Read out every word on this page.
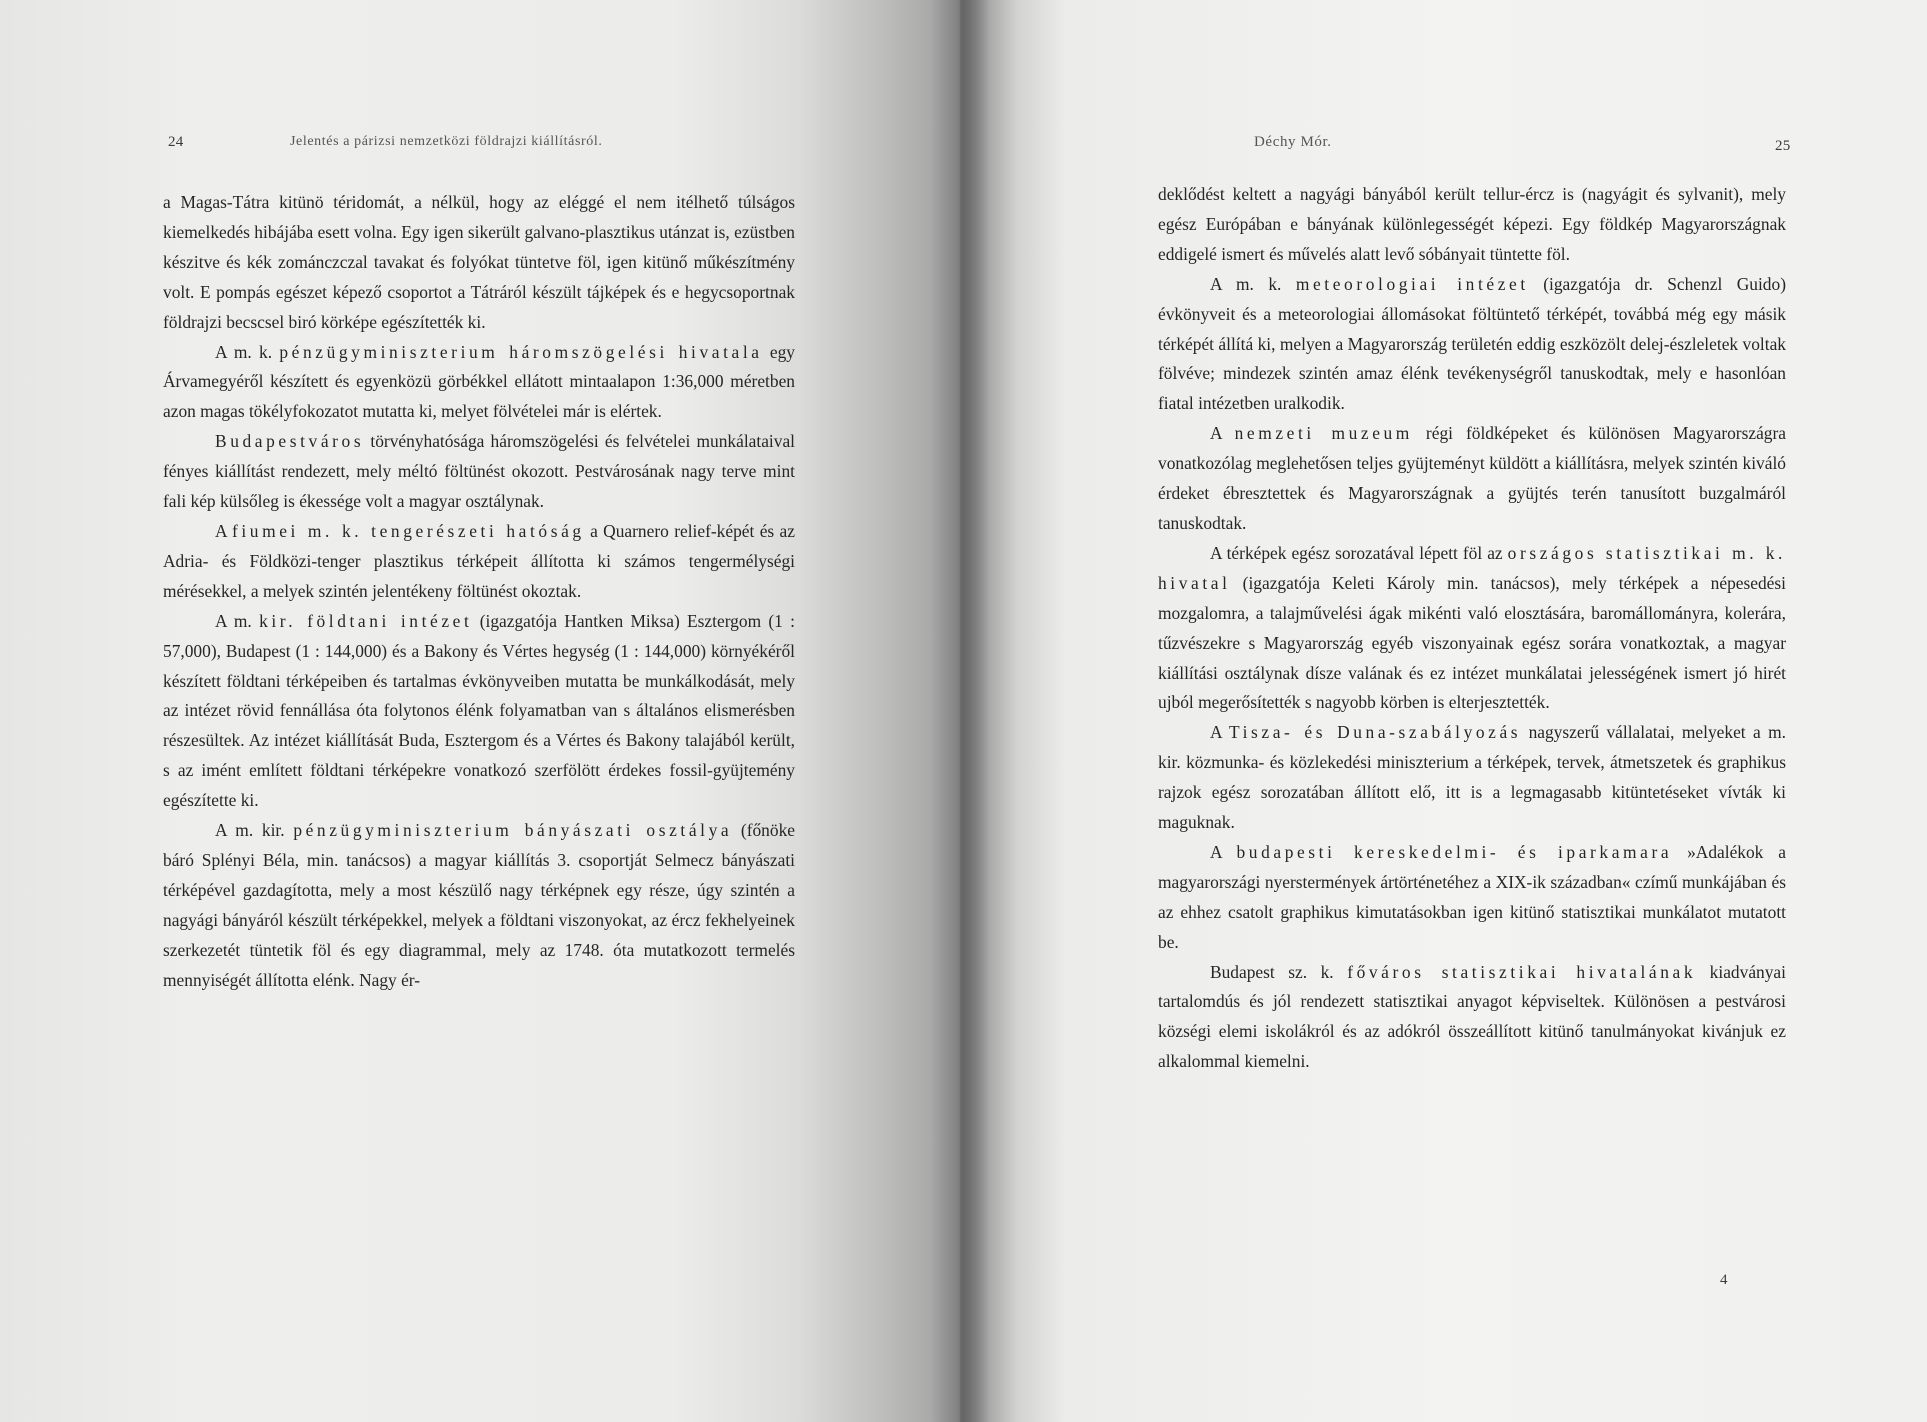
24	Jelentés a párizsi nemzetközi földrajzi kiállításról.

a Magas-Tátra kitünö téridomát, a nélkül, hogy az eléggé el nem itélhető túlságos kiemelkedés hibájába esett volna. Egy igen sikerült galvano-plasztikus utánzat is, ezüstben készitve és kék zománczczal tavakat és folyókat tüntetve föl, igen kitünő műkészítmény volt. E pompás egészet képező csoportot a Tátráról készült tájképek és e hegycsoportnak földrajzi becscsel biró körképe egészítették ki.

A m. k. pénzügyminiszterium háromszögelési hivatala egy Árvamegyéről készített és egyenközü görbékkel ellátott mintaalapon 1:36,000 méretben azon magas tökélyfokozatot mutatta ki, melyet fölvételei már is elértek.

Budapestváros törvényhatósága háromszögelési és felvételei munkálataival fényes kiállítást rendezett, mely méltó föltünést okozott. Pestvárosának nagy terve mint fali kép külsőleg is ékessége volt a magyar osztálynak.

A fiumei m. k. tengerészeti hatóság a Quarnero relief-képét és az Adria- és Földközi-tenger plasztikus térképeit állította ki számos tengermélységi mérésekkel, a melyek szintén jelentékeny föltünést okoztak.

A m. kir. földtani intézet (igazgatója Hantken Miksa) Esztergom (1 : 57,000), Budapest (1 : 144,000) és a Bakony és Vértes hegység (1 : 144,000) környékéről készített földtani térképeiben és tartalmas évkönyveiben mutatta be munkálkodását, mely az intézet rövid fennállása óta folytonos élénk folyamatban van s általános elismerésben részesültek. Az intézet kiállítását Buda, Esztergom és a Vértes és Bakony talajából került, s az imént említett földtani térképekre vonatkozó szerfölött érdekes fossil-gyüjtemény egészítette ki.

A m. kir. pénzügyminiszterium bányászati osztálya (főnöke báró Splényi Béla, min. tanácsos) a magyar kiállítás 3. csoportját Selmecz bányászati térképével gazdagította, mely a most készülő nagy térképnek egy része, úgy szintén a nagyági bányáról készült térképekkel, melyek a földtani viszonyokat, az ércz fekhelyeinek szerkezetét tüntetik föl és egy diagrammal, mely az 1748. óta mutatkozott termelés mennyiségét állította elénk. Nagy ér-

Déchy Mór.	25

deklődést keltett a nagyági bányából került tellur-ércz is (nagyágit és sylvanit), mely egész Európában e bányának különlegességét képezi. Egy földkép Magyarországnak eddigelé ismert és művelés alatt levő sóbányait tüntette föl.

A m. k. meteorologiai intézet (igazgatója dr. Schenzl Guido) évkönyveit és a meteorologiai állomásokat föltüntető térképét, továbbá még egy másik térképét állítá ki, melyen a Magyarország területén eddig eszközölt delej-észleletek voltak fölvéve; mindezek szintén amaz élénk tevékenységről tanuskodtak, mely e hasonlóan fiatal intézetben uralkodik.

A nemzeti muzeum régi földképeket és különösen Magyarországra vonatkozólag meglehetősen teljes gyüjteményt küldött a kiállításra, melyek szintén kiváló érdeket ébresztettek és Magyarországnak a gyüjtés terén tanusított buzgalmáról tanuskodtak.

A térképek egész sorozatával lépett föl az országos statisztikai m. k. hivatal (igazgatója Keleti Károly min. tanácsos), mely térképek a népesedési mozgalomra, a talajművelési ágak mikénti való elosztására, baromállományra, kolerára, tűzvészekre s Magyarország egyéb viszonyainak egész sorára vonatkoztak, a magyar kiállítási osztálynak dísze valának és ez intézet munkálatai jelességének ismert jó hirét ujból megerősítették s nagyobb körben is elterjesztették.

A Tisza- és Duna-szabályozás nagyszerű vállalatai, melyeket a m. kir. közmunka- és közlekedési miniszterium a térképek, tervek, átmetszetek és graphikus rajzok egész sorozatában állított elő, itt is a legmagasabb kitüntetéseket vívták ki maguknak.

A budapesti kereskedelmi- és iparkamara »Adalékok a magyarországi nyerstermények ártörténetéhez a XIX-ik században« czímű munkájában és az ehhez csatolt graphikus kimutatásokban igen kitünő statisztikai munkálatot mutatott be.

Budapest sz. k. főváros statisztikai hivatalának kiadványai tartalomdús és jól rendezett statisztikai anyagot képviseltek. Különösen a pestvárosi községi elemi iskolákról és az adókról összeállított kitünő tanulmányokat kivánjuk ez alkalommal kiemelni.

4
